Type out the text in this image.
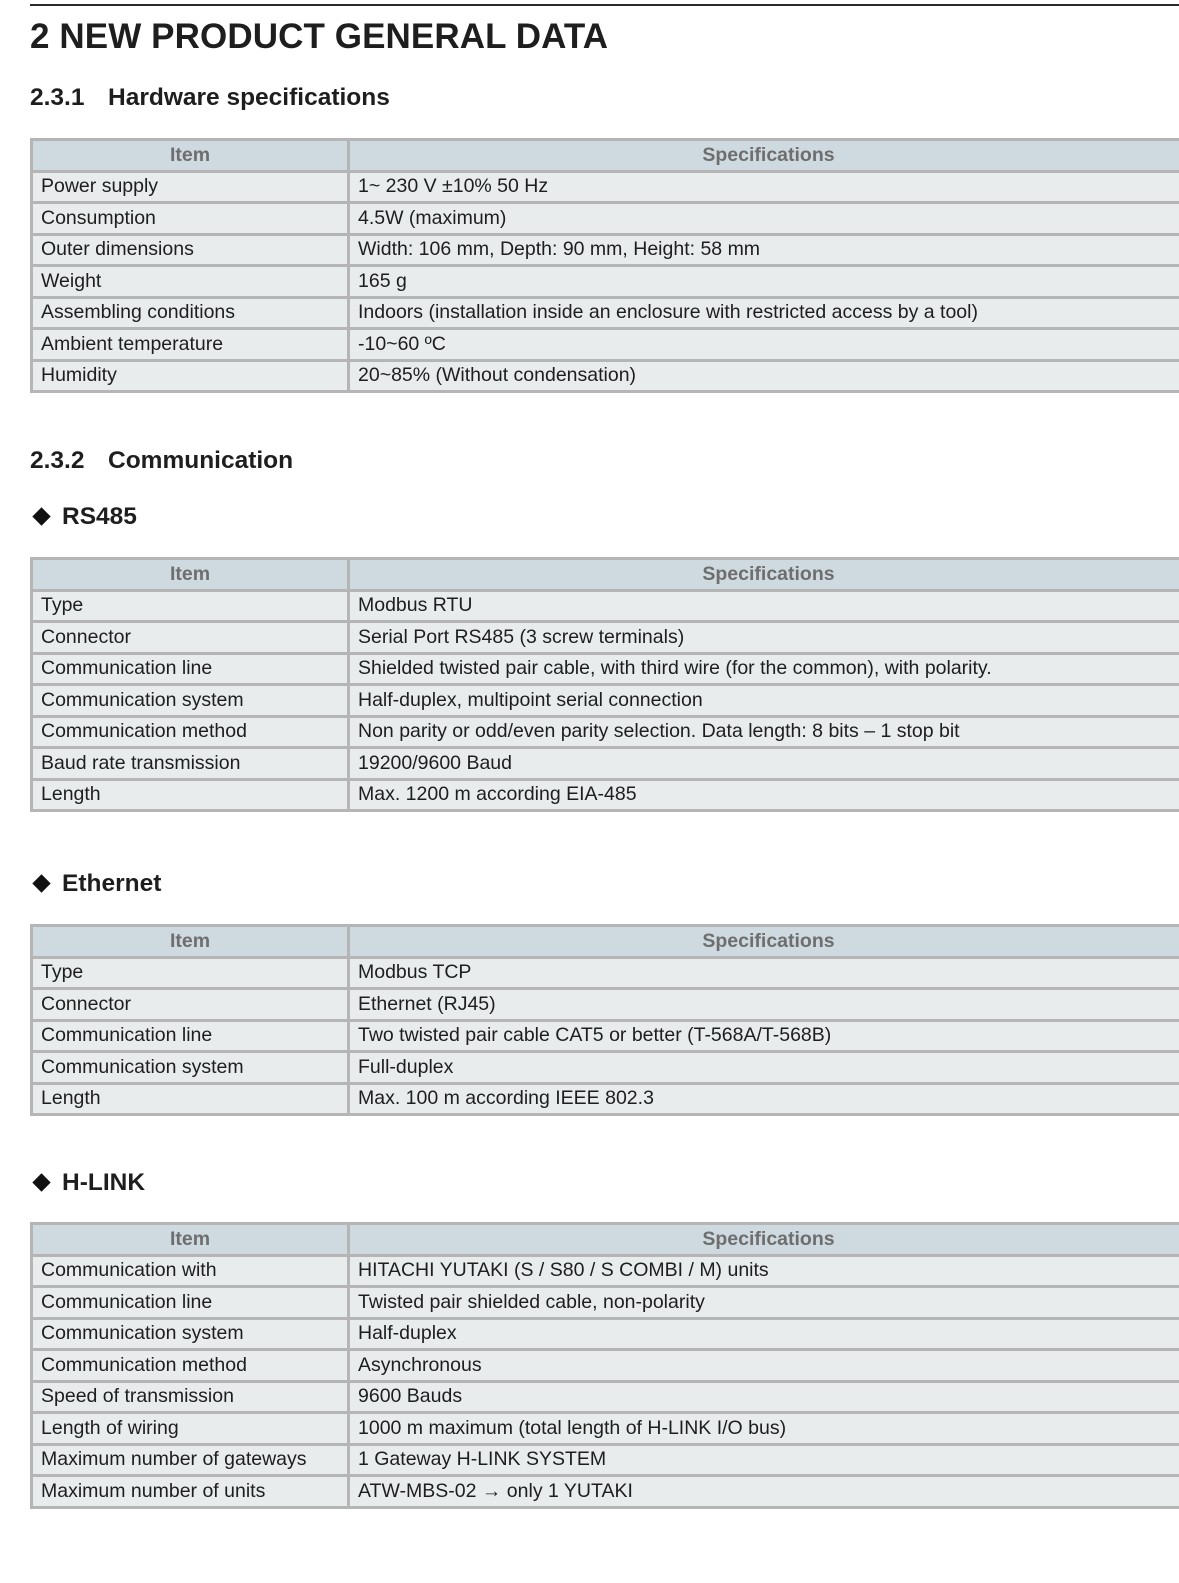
2 NEW PRODUCT GENERAL DATA
2.3.1 Hardware specifications
Item	Specifications
Power supply	1~ 230 V ±10% 50 Hz
Consumption	4.5W (maximum)
Outer dimensions	Width: 106 mm, Depth: 90 mm, Height: 58 mm
Weight	165 g
Assembling conditions	Indoors (installation inside an enclosure with restricted access by a tool)
Ambient temperature	-10~60 ºC
Humidity	20~85% (Without condensation)
2.3.2 Communication
RS485
Item	Specifications
Type	Modbus RTU
Connector	Serial Port RS485 (3 screw terminals)
Communication line	Shielded twisted pair cable, with third wire (for the common), with polarity.
Communication system	Half-duplex, multipoint serial connection
Communication method	Non parity or odd/even parity selection. Data length: 8 bits – 1 stop bit
Baud rate transmission	19200/9600 Baud
Length	Max. 1200 m according EIA-485
Ethernet
Item	Specifications
Type	Modbus TCP
Connector	Ethernet (RJ45)
Communication line	Two twisted pair cable CAT5 or better (T-568A/T-568B)
Communication system	Full-duplex
Length	Max. 100 m according IEEE 802.3
H-LINK
Item	Specifications
Communication with	HITACHI YUTAKI (S / S80 / S COMBI / M) units
Communication line	Twisted pair shielded cable, non-polarity
Communication system	Half-duplex
Communication method	Asynchronous
Speed of transmission	9600 Bauds
Length of wiring	1000 m maximum (total length of H-LINK I/O bus)
Maximum number of gateways	1 Gateway H-LINK SYSTEM
Maximum number of units	ATW-MBS-02 → only 1 YUTAKI
